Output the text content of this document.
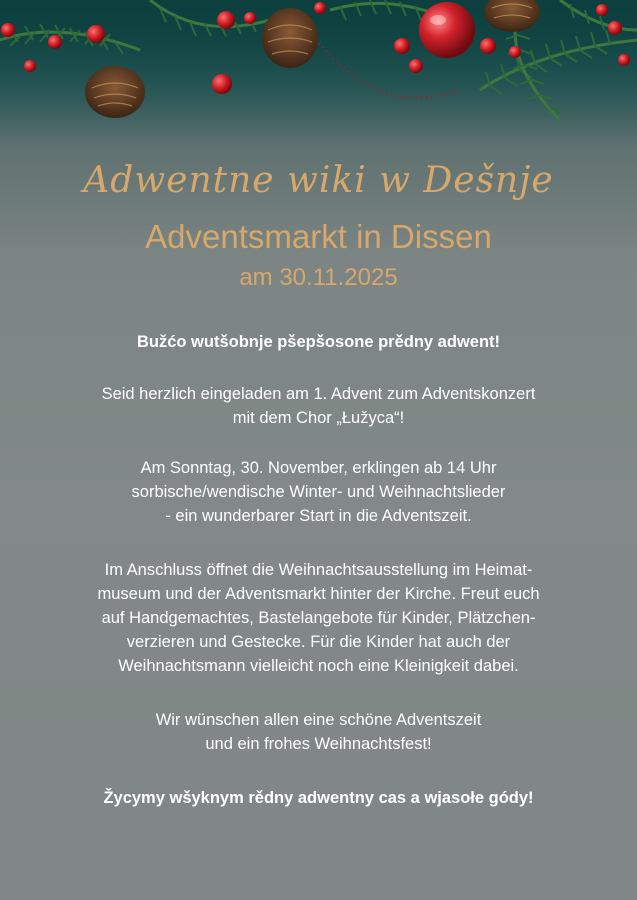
Adwentne wiki w Dešnje
Adventsmarkt in Dissen
am 30.11.2025
Bužćo wutšobnje pšepšosone prědny adwent!
Seid herzlich eingeladen am 1. Advent zum Adventskonzert
mit dem Chor „Łužyca“!
Am Sonntag, 30. November, erklingen ab 14 Uhr
sorbische/wendische Winter- und Weihnachtslieder
- ein wunderbarer Start in die Adventszeit.
Im Anschluss öffnet die Weihnachtsausstellung im Heimat-
museum und der Adventsmarkt hinter der Kirche. Freut euch
auf Handgemachtes, Bastelangebote für Kinder, Plätzchen-
verzieren und Gestecke. Für die Kinder hat auch der
Weihnachtsmann vielleicht noch eine Kleinigkeit dabei.
Wir wünschen allen eine schöne Adventszeit
und ein frohes Weihnachtsfest!
Žycymy wšyknym rědny adwentny cas a wjasołe gódy!
